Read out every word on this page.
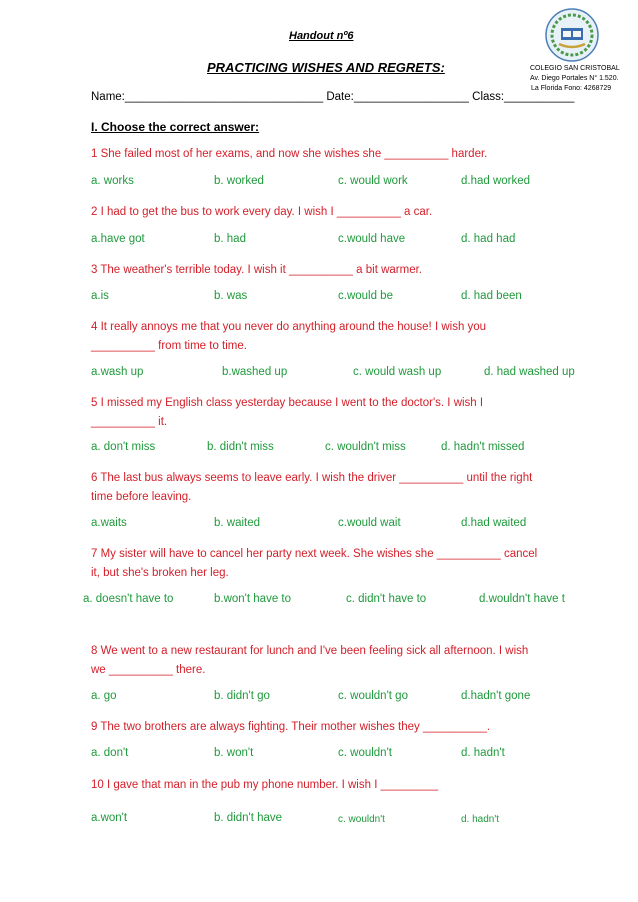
Handout nº6
PRACTICING WISHES AND REGRETS:	COLEGIO SAN CRISTOBAL
Av. Diego Portales N° 1.520.
La Florida Fono: 4268729
Name:_______________________________ Date:__________________ Class:___________
I. Choose the correct answer:
1 She failed most of her exams, and now she wishes she __________ harder.
a. works	b. worked	c. would work	d.had worked
2 I had to get the bus to work every day. I wish I __________ a car.
a.have got	b. had	c.would have	d. had had
3 The weather's terrible today. I wish it __________ a bit warmer.
a.is	b. was	c.would be	d. had been
4 It really annoys me that you never do anything around the house! I wish you
__________ from time to time.
a.wash up	b.washed up	c. would wash up	d. had washed up
5 I missed my English class yesterday because I went to the doctor's. I wish I
__________ it.
a. don't miss	b. didn't miss	c. wouldn't miss	d. hadn't missed
6 The last bus always seems to leave early. I wish the driver __________ until the right
time before leaving.
a.waits	b. waited	c.would wait	d.had waited
7 My sister will have to cancel her party next week. She wishes she __________ cancel
it, but she's broken her leg.
a. doesn't have to	b.won't have to	c. didn't have to	d.wouldn't have t
8 We went to a new restaurant for lunch and I've been feeling sick all afternoon. I wish
we __________ there.
a. go	b. didn't go	c. wouldn't go	d.hadn't gone
9 The two brothers are always fighting. Their mother wishes they __________.
a. don't	b. won't	c. wouldn't	d. hadn't
10 I gave that man in the pub my phone number. I wish I _________
a.won't	b. didn't have	c. wouldn't	d. hadn't
